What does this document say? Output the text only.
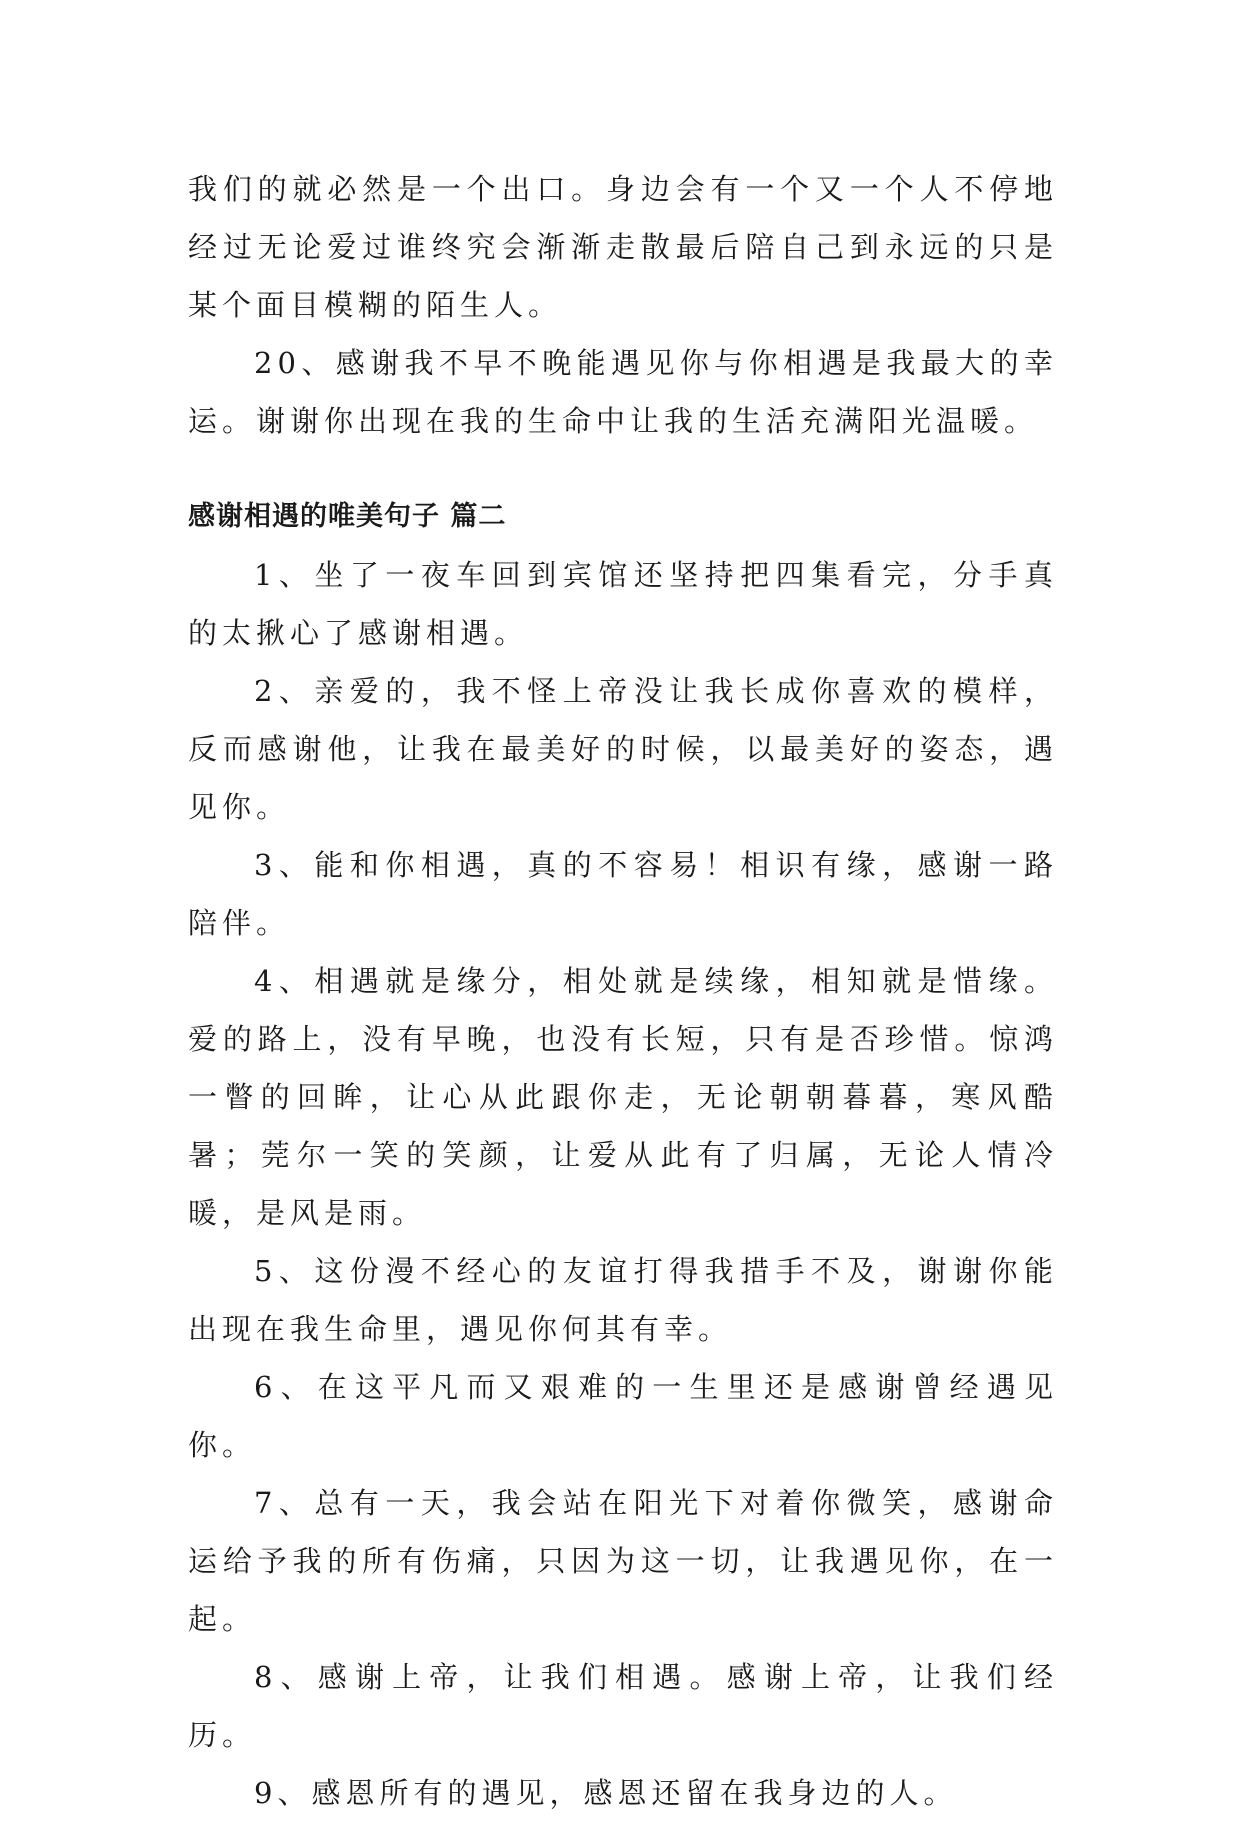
我们的就必然是一个出口。身边会有一个又一个人不停地经过无论爱过谁终究会渐渐走散最后陪自己到永远的只是某个面目模糊的陌生人。

20、感谢我不早不晚能遇见你与你相遇是我最大的幸运。谢谢你出现在我的生命中让我的生活充满阳光温暖。

感谢相遇的唯美句子 篇二

1、坐了一夜车回到宾馆还坚持把四集看完，分手真的太揪心了感谢相遇。

2、亲爱的，我不怪上帝没让我长成你喜欢的模样，反而感谢他，让我在最美好的时候，以最美好的姿态，遇见你。

3、能和你相遇，真的不容易！相识有缘，感谢一路陪伴。

4、相遇就是缘分，相处就是续缘，相知就是惜缘。爱的路上，没有早晚，也没有长短，只有是否珍惜。惊鸿一瞥的回眸，让心从此跟你走，无论朝朝暮暮，寒风酷暑；莞尔一笑的笑颜，让爱从此有了归属，无论人情冷暖，是风是雨。

5、这份漫不经心的友谊打得我措手不及，谢谢你能出现在我生命里，遇见你何其有幸。

6、在这平凡而又艰难的一生里还是感谢曾经遇见你。

7、总有一天，我会站在阳光下对着你微笑，感谢命运给予我的所有伤痛，只因为这一切，让我遇见你，在一起。

8、感谢上帝，让我们相遇。感谢上帝，让我们经历。

9、感恩所有的遇见，感恩还留在我身边的人。
